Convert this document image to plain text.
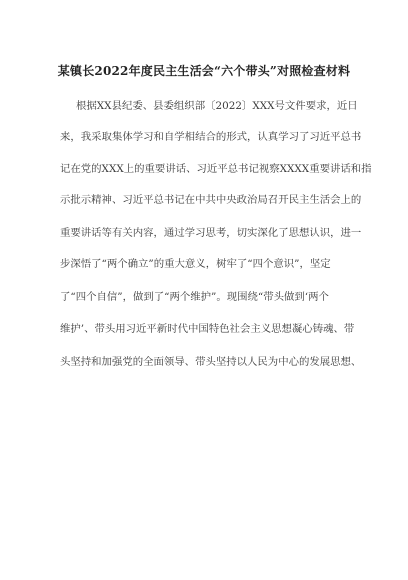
某镇长2022年度民主生活会“六个带头”对照检查材料
根据XX县纪委、县委组织部〔2022〕XXX号文件要求，近日
来，我采取集体学习和自学相结合的形式，认真学习了习近平总书
记在党的XXX上的重要讲话、习近平总书记视察XXXX重要讲话和指
示批示精神、习近平总书记在中共中央政治局召开民主生活会上的
重要讲话等有关内容，通过学习思考，切实深化了思想认识，进一
步深悟了“两个确立”的重大意义，树牢了“四个意识”，坚定
了“四个自信”，做到了“两个维护”。现围绕“带头做到‘两个
维护’、带头用习近平新时代中国特色社会主义思想凝心铸魂、带
头坚持和加强党的全面领导、带头坚持以人民为中心的发展思想、
